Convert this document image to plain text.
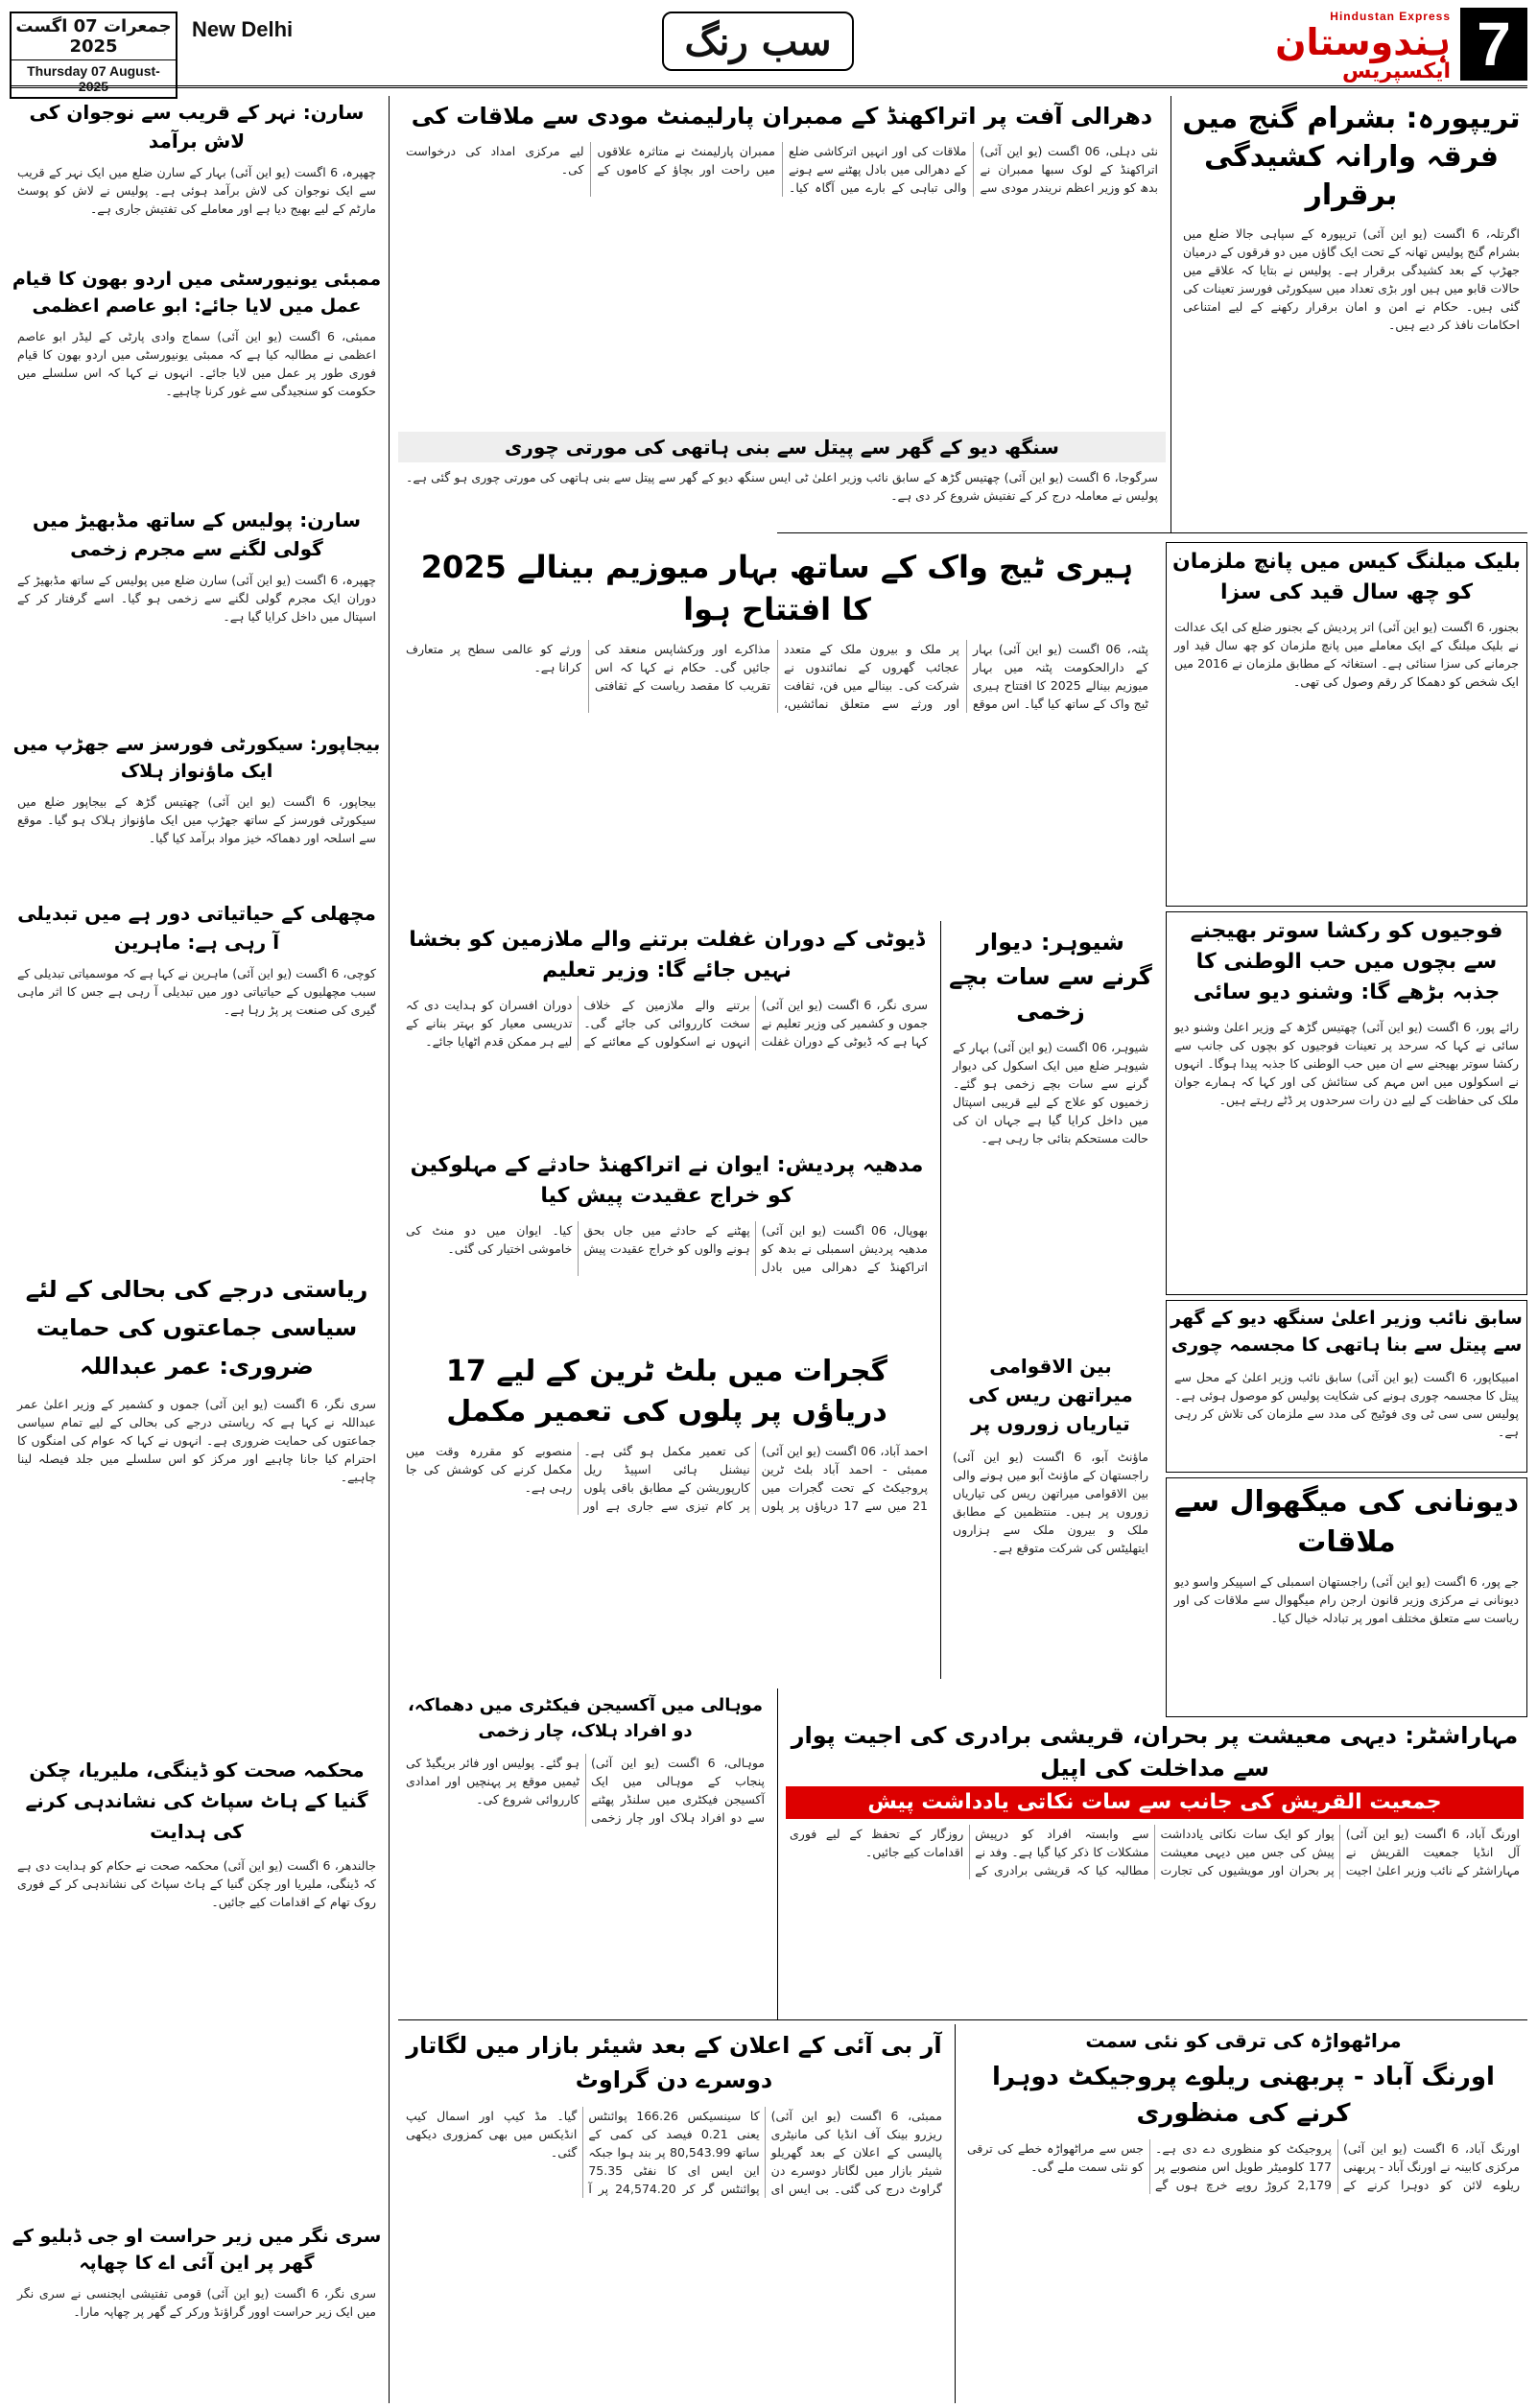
جمعرات 07 اگست 2025
Thursday 07 August-2025
New Delhi	سب رنگ
Hindustan Express
ہندوستان
ایکسپریس 7
تریپورہ: بشرام گنج میں فرقہ وارانہ کشیدگی برقرار
اگرتلہ، 6 اگست (یو این آئی) تریپورہ کے سپاہی جالا ضلع میں بشرام گنج پولیس تھانہ کے تحت ایک گاؤں میں دو فرقوں کے درمیان جھڑپ کے بعد کشیدگی برقرار ہے۔ پولیس نے بتایا کہ علاقے میں حالات قابو میں ہیں اور بڑی تعداد میں سیکورٹی فورسز تعینات کی گئی ہیں۔ حکام نے امن و امان برقرار رکھنے کے لیے امتناعی احکامات نافذ کر دیے ہیں۔
دھرالی آفت پر اتراکھنڈ کے ممبران پارلیمنٹ مودی سے ملاقات کی
نئی دہلی، 06 اگست (یو این آئی) اتراکھنڈ کے لوک سبھا ممبران نے بدھ کو وزیر اعظم نریندر مودی سے ملاقات کی اور انہیں اترکاشی ضلع کے دھرالی میں بادل پھٹنے سے ہونے والی تباہی کے بارے میں آگاہ کیا۔ ممبران پارلیمنٹ نے متاثرہ علاقوں میں راحت اور بچاؤ کے کاموں کے لیے مرکزی امداد کی درخواست کی۔
سنگھ دیو کے گھر سے پیتل سے بنی ہاتھی کی مورتی چوری
سرگوجا، 6 اگست (یو این آئی) چھتیس گڑھ کے سابق نائب وزیر اعلیٰ ٹی ایس سنگھ دیو کے گھر سے پیتل سے بنی ہاتھی کی مورتی چوری ہو گئی ہے۔ پولیس نے معاملہ درج کر کے تفتیش شروع کر دی ہے۔
ہیری ٹیج واک کے ساتھ بہار میوزیم بینالے 2025 کا افتتاح ہوا
پٹنہ، 06 اگست (یو این آئی) بہار کے دارالحکومت پٹنہ میں بہار میوزیم بینالے 2025 کا افتتاح ہیری ٹیج واک کے ساتھ کیا گیا۔ اس موقع پر ملک و بیرون ملک کے متعدد عجائب گھروں کے نمائندوں نے شرکت کی۔ بینالے میں فن، ثقافت اور ورثے سے متعلق نمائشیں، مذاکرے اور ورکشاپس منعقد کی جائیں گی۔ حکام نے کہا کہ اس تقریب کا مقصد ریاست کے ثقافتی ورثے کو عالمی سطح پر متعارف کرانا ہے۔
بلیک میلنگ کیس میں پانچ ملزمان کو چھ سال قید کی سزا
بجنور، 6 اگست (یو این آئی) اتر پردیش کے بجنور ضلع کی ایک عدالت نے بلیک میلنگ کے ایک معاملے میں پانچ ملزمان کو چھ سال قید اور جرمانے کی سزا سنائی ہے۔ استغاثہ کے مطابق ملزمان نے 2016 میں ایک شخص کو دھمکا کر رقم وصول کی تھی۔
فوجیوں کو رکشا سوتر بھیجنے سے بچوں میں حب الوطنی کا جذبہ بڑھے گا: وشنو دیو سائی
رائے پور، 6 اگست (یو این آئی) چھتیس گڑھ کے وزیر اعلیٰ وشنو دیو سائی نے کہا کہ سرحد پر تعینات فوجیوں کو بچوں کی جانب سے رکشا سوتر بھیجنے سے ان میں حب الوطنی کا جذبہ پیدا ہوگا۔ انہوں نے اسکولوں میں اس مہم کی ستائش کی اور کہا کہ ہمارے جوان ملک کی حفاظت کے لیے دن رات سرحدوں پر ڈٹے رہتے ہیں۔
سابق نائب وزیر اعلیٰ سنگھ دیو کے گھر سے پیتل سے بنا ہاتھی کا مجسمہ چوری
امبیکاپور، 6 اگست (یو این آئی) سابق نائب وزیر اعلیٰ کے محل سے پیتل کا مجسمہ چوری ہونے کی شکایت پولیس کو موصول ہوئی ہے۔ پولیس سی سی ٹی وی فوٹیج کی مدد سے ملزمان کی تلاش کر رہی ہے۔
دیونانی کی میگھوال سے ملاقات
جے پور، 6 اگست (یو این آئی) راجستھان اسمبلی کے اسپیکر واسو دیو دیونانی نے مرکزی وزیر قانون ارجن رام میگھوال سے ملاقات کی اور ریاست سے متعلق مختلف امور پر تبادلہ خیال کیا۔
ڈیوٹی کے دوران غفلت برتنے والے ملازمین کو بخشا نہیں جائے گا: وزیر تعلیم
سری نگر، 6 اگست (یو این آئی) جموں و کشمیر کی وزیر تعلیم نے کہا ہے کہ ڈیوٹی کے دوران غفلت برتنے والے ملازمین کے خلاف سخت کارروائی کی جائے گی۔ انہوں نے اسکولوں کے معائنے کے دوران افسران کو ہدایت دی کہ تدریسی معیار کو بہتر بنانے کے لیے ہر ممکن قدم اٹھایا جائے۔
شیوہر: دیوار گرنے سے سات بچے زخمی
شیوہر، 06 اگست (یو این آئی) بہار کے شیوہر ضلع میں ایک اسکول کی دیوار گرنے سے سات بچے زخمی ہو گئے۔ زخمیوں کو علاج کے لیے قریبی اسپتال میں داخل کرایا گیا ہے جہاں ان کی حالت مستحکم بتائی جا رہی ہے۔
مدھیہ پردیش: ایوان نے اتراکھنڈ حادثے کے مہلوکین کو خراج عقیدت پیش کیا
بھوپال، 06 اگست (یو این آئی) مدھیہ پردیش اسمبلی نے بدھ کو اتراکھنڈ کے دھرالی میں بادل پھٹنے کے حادثے میں جاں بحق ہونے والوں کو خراج عقیدت پیش کیا۔ ایوان میں دو منٹ کی خاموشی اختیار کی گئی۔
گجرات میں بلٹ ٹرین کے لیے 17 دریاؤں پر پلوں کی تعمیر مکمل
احمد آباد، 06 اگست (یو این آئی) ممبئی - احمد آباد بلٹ ٹرین پروجیکٹ کے تحت گجرات میں 21 میں سے 17 دریاؤں پر پلوں کی تعمیر مکمل ہو گئی ہے۔ نیشنل ہائی اسپیڈ ریل کارپوریشن کے مطابق باقی پلوں پر کام تیزی سے جاری ہے اور منصوبے کو مقررہ وقت میں مکمل کرنے کی کوشش کی جا رہی ہے۔
بین الاقوامی میراتھن ریس کی تیاریاں زوروں پر
ماؤنٹ آبو، 6 اگست (یو این آئی) راجستھان کے ماؤنٹ آبو میں ہونے والی بین الاقوامی میراتھن ریس کی تیاریاں زوروں پر ہیں۔ منتظمین کے مطابق ملک و بیرون ملک سے ہزاروں ایتھلیٹس کی شرکت متوقع ہے۔
موہالی میں آکسیجن فیکٹری میں دھماکہ، دو افراد ہلاک، چار زخمی
موہالی، 6 اگست (یو این آئی) پنجاب کے موہالی میں ایک آکسیجن فیکٹری میں سلنڈر پھٹنے سے دو افراد ہلاک اور چار زخمی ہو گئے۔ پولیس اور فائر بریگیڈ کی ٹیمیں موقع پر پہنچیں اور امدادی کارروائی شروع کی۔
مہاراشٹر: دیہی معیشت پر بحران، قریشی برادری کی اجیت پوار سے مداخلت کی اپیل
جمعیت القریش کی جانب سے سات نکاتی یادداشت پیش
اورنگ آباد، 6 اگست (یو این آئی) آل انڈیا جمعیت القریش نے مہاراشٹر کے نائب وزیر اعلیٰ اجیت پوار کو ایک سات نکاتی یادداشت پیش کی جس میں دیہی معیشت پر بحران اور مویشیوں کی تجارت سے وابستہ افراد کو درپیش مشکلات کا ذکر کیا گیا ہے۔ وفد نے مطالبہ کیا کہ قریشی برادری کے روزگار کے تحفظ کے لیے فوری اقدامات کیے جائیں۔
مراٹھواڑہ کی ترقی کو نئی سمت
اورنگ آباد - پربھنی ریلوے پروجیکٹ دوہرا کرنے کی منظوری
اورنگ آباد، 6 اگست (یو این آئی) مرکزی کابینہ نے اورنگ آباد - پربھنی ریلوے لائن کو دوہرا کرنے کے پروجیکٹ کو منظوری دے دی ہے۔ 177 کلومیٹر طویل اس منصوبے پر 2,179 کروڑ روپے خرچ ہوں گے جس سے مراٹھواڑہ خطے کی ترقی کو نئی سمت ملے گی۔
آر بی آئی کے اعلان کے بعد شیئر بازار میں لگاتار دوسرے دن گراوٹ
ممبئی، 6 اگست (یو این آئی) ریزرو بینک آف انڈیا کی مانیٹری پالیسی کے اعلان کے بعد گھریلو شیئر بازار میں لگاتار دوسرے دن گراوٹ درج کی گئی۔ بی ایس ای کا سینسیکس 166.26 پوائنٹس یعنی 0.21 فیصد کی کمی کے ساتھ 80,543.99 پر بند ہوا جبکہ این ایس ای کا نفٹی 75.35 پوائنٹس گر کر 24,574.20 پر آ گیا۔ مڈ کیپ اور اسمال کیپ انڈیکس میں بھی کمزوری دیکھی گئی۔
سارن: نہر کے قریب سے نوجوان کی لاش برآمد
چھپرہ، 6 اگست (یو این آئی) بہار کے سارن ضلع میں ایک نہر کے قریب سے ایک نوجوان کی لاش برآمد ہوئی ہے۔ پولیس نے لاش کو پوسٹ مارٹم کے لیے بھیج دیا ہے اور معاملے کی تفتیش جاری ہے۔
ممبئی یونیورسٹی میں اردو بھون کا قیام عمل میں لایا جائے: ابو عاصم اعظمی
ممبئی، 6 اگست (یو این آئی) سماج وادی پارٹی کے لیڈر ابو عاصم اعظمی نے مطالبہ کیا ہے کہ ممبئی یونیورسٹی میں اردو بھون کا قیام فوری طور پر عمل میں لایا جائے۔ انہوں نے کہا کہ اس سلسلے میں حکومت کو سنجیدگی سے غور کرنا چاہیے۔
سارن: پولیس کے ساتھ مڈبھیڑ میں گولی لگنے سے مجرم زخمی
چھپرہ، 6 اگست (یو این آئی) سارن ضلع میں پولیس کے ساتھ مڈبھیڑ کے دوران ایک مجرم گولی لگنے سے زخمی ہو گیا۔ اسے گرفتار کر کے اسپتال میں داخل کرایا گیا ہے۔
بیجاپور: سیکورٹی فورسز سے جھڑپ میں ایک ماؤنواز ہلاک
بیجاپور، 6 اگست (یو این آئی) چھتیس گڑھ کے بیجاپور ضلع میں سیکورٹی فورسز کے ساتھ جھڑپ میں ایک ماؤنواز ہلاک ہو گیا۔ موقع سے اسلحہ اور دھماکہ خیز مواد برآمد کیا گیا۔
مچھلی کے حیاتیاتی دور ہے میں تبدیلی آ رہی ہے: ماہرین
کوچی، 6 اگست (یو این آئی) ماہرین نے کہا ہے کہ موسمیاتی تبدیلی کے سبب مچھلیوں کے حیاتیاتی دور میں تبدیلی آ رہی ہے جس کا اثر ماہی گیری کی صنعت پر پڑ رہا ہے۔
ریاستی درجے کی بحالی کے لئے سیاسی جماعتوں کی حمایت ضروری: عمر عبداللہ
سری نگر، 6 اگست (یو این آئی) جموں و کشمیر کے وزیر اعلیٰ عمر عبداللہ نے کہا ہے کہ ریاستی درجے کی بحالی کے لیے تمام سیاسی جماعتوں کی حمایت ضروری ہے۔ انہوں نے کہا کہ عوام کی امنگوں کا احترام کیا جانا چاہیے اور مرکز کو اس سلسلے میں جلد فیصلہ لینا چاہیے۔
محکمہ صحت کو ڈینگی، ملیریا، چکن گنیا کے ہاٹ سپاٹ کی نشاندہی کرنے کی ہدایت
جالندھر، 6 اگست (یو این آئی) محکمہ صحت نے حکام کو ہدایت دی ہے کہ ڈینگی، ملیریا اور چکن گنیا کے ہاٹ سپاٹ کی نشاندہی کر کے فوری روک تھام کے اقدامات کیے جائیں۔
سری نگر میں زیر حراست او جی ڈبلیو کے گھر پر این آئی اے کا چھاپہ
سری نگر، 6 اگست (یو این آئی) قومی تفتیشی ایجنسی نے سری نگر میں ایک زیر حراست اوور گراؤنڈ ورکر کے گھر پر چھاپہ مارا۔
